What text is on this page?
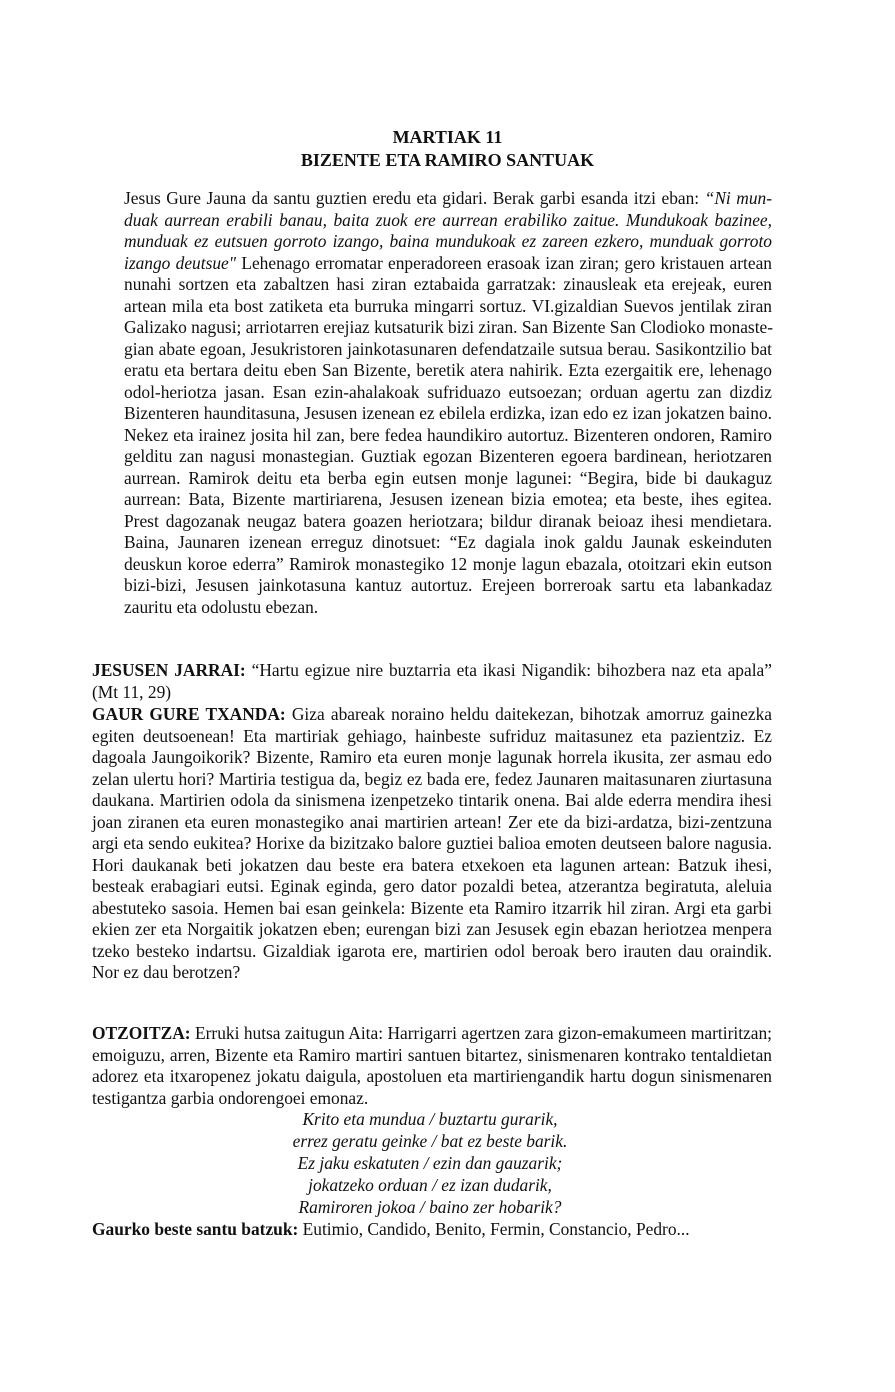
MARTIAK 11
BIZENTE ETA RAMIRO SANTUAK
Jesus Gure Jauna da santu guztien eredu eta gidari. Berak garbi esanda itzi eban: “Ni mun-
duak aurrean erabili banau, baita zuok ere aurrean erabiliko zaitue. Mundukoak bazinee,
munduak ez eutsuen gorroto izango, baina mundukoak ez zareen ezkero, munduak gorroto
izango deutsue" Lehenago erromatar enperadoreen erasoak izan ziran; gero kristauen artean
nunahi sortzen eta zabaltzen hasi ziran eztabaida garratzak: zinausleak eta erejeak, euren
artean mila eta bost zatiketa eta burruka mingarri sortuz. VI.gizaldian Suevos jentilak ziran
Galizako nagusi; arriotarren erejiaz kutsaturik bizi ziran. San Bizente San Clodioko monaste-
gian abate egoan, Jesukristoren jainkotasunaren defendatzaile sutsua berau. Sasikontzilio bat
eratu eta bertara deitu eben San Bizente, beretik atera nahirik. Ezta ezergaitik ere, lehenago
odol-heriotza jasan. Esan ezin-ahalakoak sufriduazo eutsoezan; orduan agertu zan dizdiz
Bizenteren haunditasuna, Jesusen izenean ez ebilela erdizka, izan edo ez izan jokatzen baino.
Nekez eta irainez josita hil zan, bere fedea haundikiro autortuz. Bizenteren ondoren, Ramiro
gelditu zan nagusi monastegian. Guztiak egozan Bizenteren egoera bardinean, heriotzaren
aurrean. Ramirok deitu eta berba egin eutsen monje lagunei: “Begira, bide bi daukaguz
aurrean: Bata, Bizente martiriarena, Jesusen izenean bizia emotea; eta beste, ihes egitea.
Prest dagozanak neugaz batera goazen heriotzara; bildur diranak beioaz ihesi mendietara.
Baina, Jaunaren izenean erreguz dinotsuet: “Ez dagiala inok galdu Jaunak eskeinduten
deuskun koroe ederra” Ramirok monastegiko 12 monje lagun ebazala, otoitzari ekin eutson
bizi-bizi, Jesusen jainkotasuna kantuz autortuz. Erejeen borreroak sartu eta labankadaz
zauritu eta odolustu ebezan.
JESUSEN JARRAI: “Hartu egizue nire buztarria eta ikasi Nigandik: bihozbera naz eta apala”
(Mt 11, 29)
GAUR GURE TXANDA: Giza abareak noraino heldu daitekezan, bihotzak amorruz gainezka
egiten deutsoenean! Eta martiriak gehiago, hainbeste sufriduz maitasunez eta pazientziz. Ez
dagoala Jaungoikorik? Bizente, Ramiro eta euren monje lagunak horrela ikusita, zer asmau edo
zelan ulertu hori? Martiria testigua da, begiz ez bada ere, fedez Jaunaren maitasunaren ziurtasuna
daukana. Martirien odola da sinismena izenpetzeko tintarik onena. Bai alde ederra mendira ihesi
joan ziranen eta euren monastegiko anai martirien artean! Zer ete da bizi-ardatza, bizi-zentzuna
argi eta sendo eukitea? Horixe da bizitzako balore guztiei balioa emoten deutseen balore nagusia.
Hori daukanak beti jokatzen dau beste era batera etxekoen eta lagunen artean: Batzuk ihesi,
besteak erabagiari eutsi. Eginak eginda, gero dator pozaldi betea, atzerantza begiratuta, aleluia
abestuteko sasoia. Hemen bai esan geinkela: Bizente eta Ramiro itzarrik hil ziran. Argi eta garbi
ekien zer eta Norgaitik jokatzen eben; eurengan bizi zan Jesusek egin ebazan heriotzea menpera
tzeko besteko indartsu. Gizaldiak igarota ere, martirien odol beroak bero irauten dau oraindik.
Nor ez dau berotzen?
OTZOITZA: Erruki hutsa zaitugun Aita: Harrigarri agertzen zara gizon-emakumeen martiritzan;
emoiguzu, arren, Bizente eta Ramiro martiri santuen bitartez, sinismenaren kontrako tentaldietan
adorez eta itxaropenez jokatu daigula, apostoluen eta martiriengandik hartu dogun sinismenaren
testigantza garbia ondorengoei emonaz.
Krito eta mundua / buztartu gurarik,
errez geratu geinke / bat ez beste barik.
Ez jaku eskatuten / ezin dan gauzarik;
jokatzeko orduan / ez izan dudarik,
Ramiroren jokoa / baino zer hobarik?
Gaurko beste santu batzuk: Eutimio, Candido, Benito, Fermin, Constancio, Pedro...
